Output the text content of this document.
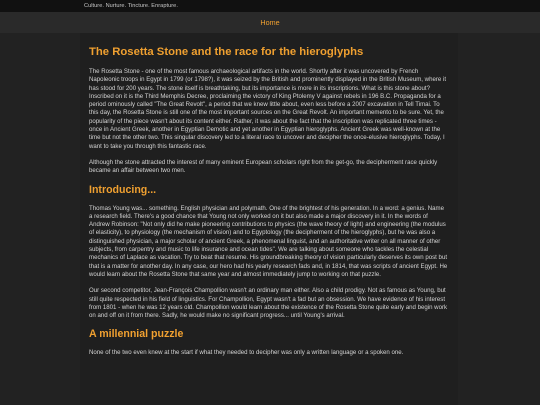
Culture. Nurture. Tincture. Enrapture.
Home
The Rosetta Stone and the race for the hieroglyphs

The Rosetta Stone - one of the most famous archaeological artifacts in the world. Shortly after it was uncovered by French Napoleonic troops in Egypt in 1799 (or 1798?), it was seized by the British and prominently displayed in the British Museum, where it has stood for 200 years. The stone itself is breathtaking, but its importance is more in its inscriptions. What is this stone about? Inscribed on it is the Third Memphis Decree, proclaiming the victory of King Ptolemy V against rebels in 196 B.C. Propaganda for a period ominously called "The Great Revolt", a period that we knew little about, even less before a 2007 excavation in Tell Timai. To this day, the Rosetta Stone is still one of the most important sources on the Great Revolt. An important memento to be sure. Yet, the popularity of the piece wasn't about its content either. Rather, it was about the fact that the inscription was replicated three times - once in Ancient Greek, another in Egyptian Demotic and yet another in Egyptian hieroglyphs. Ancient Greek was well-known at the time but not the other two. This singular discovery led to a literal race to uncover and decipher the once-elusive hieroglyphs. Today, I want to take you through this fantastic race.

Although the stone attracted the interest of many eminent European scholars right from the get-go, the decipherment race quickly became an affair between two men.

Introducing...

Thomas Young was... something. English physician and polymath. One of the brightest of his generation. In a word: a genius. Name a research field. There's a good chance that Young not only worked on it but also made a major discovery in it. In the words of Andrew Robinson: "Not only did he make pioneering contributions to physics (the wave theory of light) and engineering (the modulus of elasticity), to physiology (the mechanism of vision) and to Egyptology (the decipherment of the hieroglyphs), but he was also a distinguished physician, a major scholar of ancient Greek, a phenomenal linguist, and an authoritative writer on all manner of other subjects, from carpentry and music to life insurance and ocean tides". We are talking about someone who tackles the celestial mechanics of Laplace as vacation. Try to beat that resume. His groundbreaking theory of vision particularly deserves its own post but that is a matter for another day. In any case, our hero had his yearly research fads and, in 1814, that was scripts of ancient Egypt. He would learn about the Rosetta Stone that same year and almost immediately jump to working on that puzzle.

Our second competitor, Jean-François Champollion wasn't an ordinary man either. Also a child prodigy. Not as famous as Young, but still quite respected in his field of linguistics. For Champollion, Egypt wasn't a fad but an obsession. We have evidence of his interest from 1801 - when he was 12 years old. Champollion would learn about the existence of the Rosetta Stone quite early and begin work on and off on it from there. Sadly, he would make no significant progress... until Young's arrival.

A millennial puzzle

None of the two even knew at the start if what they needed to decipher was only a written language or a spoken one.
